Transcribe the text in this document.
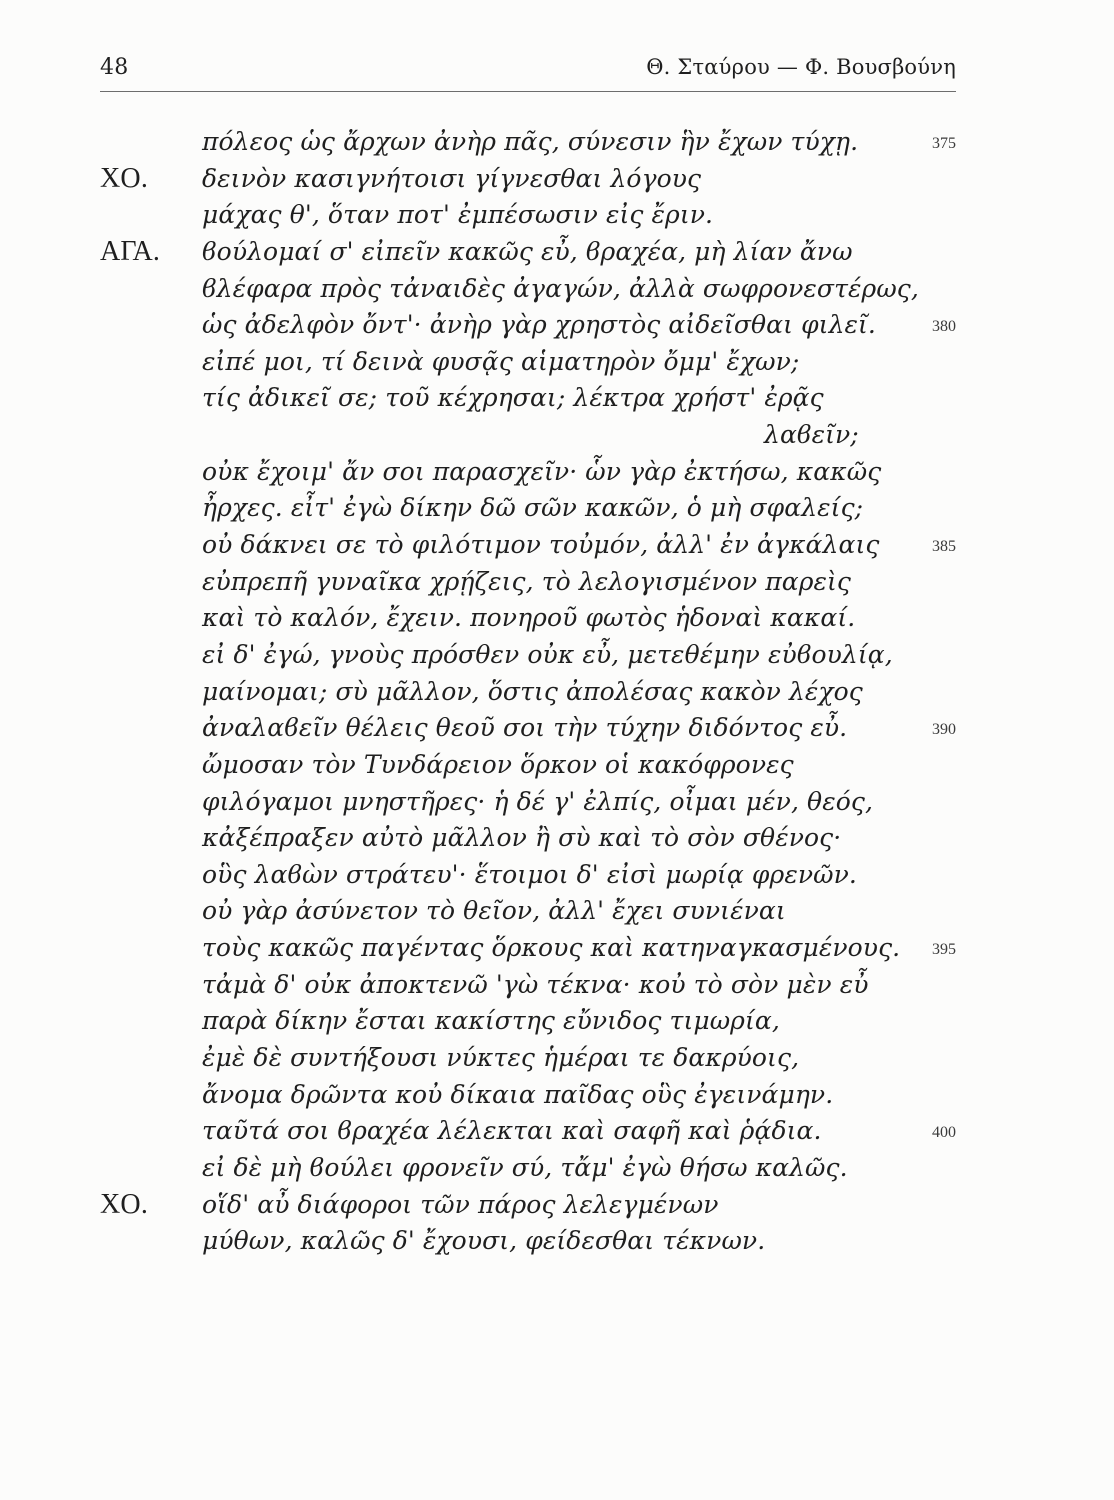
48	Θ. Σταύρου — Φ. Βουσβούνη
πόλεος ὡς ἄρχων ἀνὴρ πᾶς, σύνεσιν ἣν ἔχων τύχῃ.	375
ΧΟ. δεινὸν κασιγνήτοισι γίγνεσθαι λόγους
μάχας θ', ὅταν ποτ' ἐμπέσωσιν εἰς ἔριν.
ΑΓΑ. ϐούλομαί σ' εἰπεῖν κακῶς εὖ, ϐραχέα, μὴ λίαν ἄνω
ϐλέφαρα πρὸς τἀναιδὲς ἀγαγών, ἀλλὰ σωφρονεστέρως,
ὡς ἀδελφὸν ὄντ'· ἀνὴρ γὰρ χρηστὸς αἰδεῖσθαι φιλεῖ.	380
εἰπέ μοι, τί δεινὰ φυσᾷς αἱματηρὸν ὄμμ' ἔχων;
τίς ἀδικεῖ σε; τοῦ κέχρησαι; λέκτρα χρήστ' ἐρᾷς
λαϐεῖν;
οὐκ ἔχοιμ' ἄν σοι παρασχεῖν· ὧν γὰρ ἐκτήσω, κακῶς
ἦρχες. εἶτ' ἐγὼ δίκην δῶ σῶν κακῶν, ὁ μὴ σφαλείς;
οὐ δάκνει σε τὸ φιλότιμον τοὐμόν, ἀλλ' ἐν ἀγκάλαις	385
εὐπρεπῆ γυναῖκα χρῄζεις, τὸ λελογισμένον παρεὶς
καὶ τὸ καλόν, ἔχειν. πονηροῦ φωτὸς ἡδοναὶ κακαί.
εἰ δ' ἐγώ, γνοὺς πρόσθεν οὐκ εὖ, μετεθέμην εὐϐουλίᾳ,
μαίνομαι; σὺ μᾶλλον, ὅστις ἀπολέσας κακὸν λέχος
ἀναλαϐεῖν θέλεις θεοῦ σοι τὴν τύχην διδόντος εὖ.	390
ὤμοσαν τὸν Τυνδάρειον ὅρκον οἱ κακόφρονες
φιλόγαμοι μνηστῆρες· ἡ δέ γ' ἐλπίς, οἶμαι μέν, θεός,
κἀξέπραξεν αὐτὸ μᾶλλον ἢ σὺ καὶ τὸ σὸν σθένος·
οὓς λαϐὼν στράτευ'· ἕτοιμοι δ' εἰσὶ μωρίᾳ φρενῶν.
οὐ γὰρ ἀσύνετον τὸ θεῖον, ἀλλ' ἔχει συνιέναι
τοὺς κακῶς παγέντας ὅρκους καὶ κατηναγκασμένους. 395
τἀμὰ δ' οὐκ ἀποκτενῶ 'γὼ τέκνα· κοὐ τὸ σὸν μὲν εὖ
παρὰ δίκην ἔσται κακίστης εὔνιδος τιμωρία,
ἐμὲ δὲ συντήξουσι νύκτες ἡμέραι τε δακρύοις,
ἄνομα δρῶντα κοὐ δίκαια παῖδας οὓς ἐγεινάμην.
ταῦτά σοι ϐραχέα λέλεκται καὶ σαφῆ καὶ ῥᾴδια.	400
εἰ δὲ μὴ ϐούλει φρονεῖν σύ, τἄμ' ἐγὼ θήσω καλῶς.
ΧΟ. οἵδ' αὖ διάφοροι τῶν πάρος λελεγμένων
μύθων, καλῶς δ' ἔχουσι, φείδεσθαι τέκνων.
